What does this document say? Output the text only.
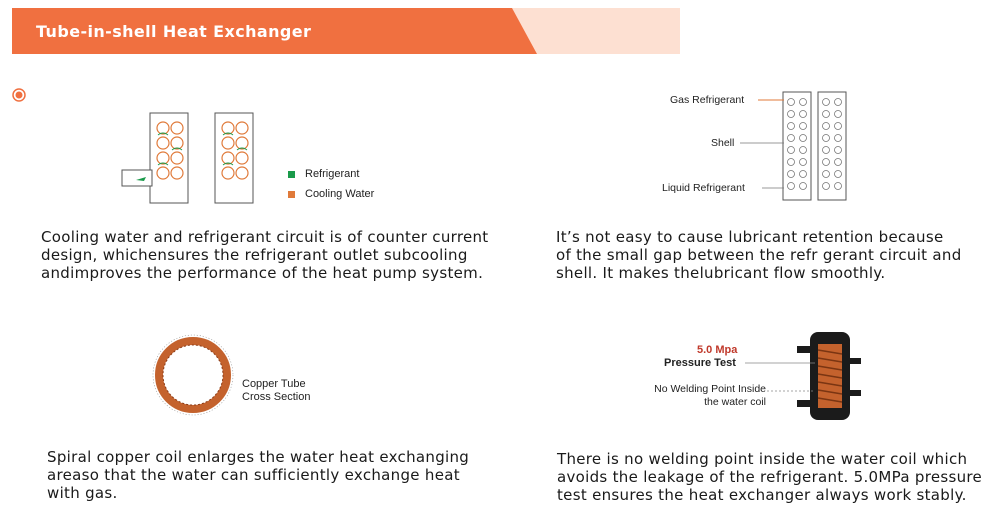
Tube-in-shell Heat Exchanger
Refrigerant
Cooling Water
Cooling water and refrigerant circuit is of counter current
design, whichensures the refrigerant outlet subcooling
andimproves the performance of the heat pump system.
Gas Refrigerant
Shell
Liquid Refrigerant
It’s not easy to cause lubricant retention because
of the small gap between the refr gerant circuit and
shell. It makes thelubricant flow smoothly.
Copper Tube
Cross Section
Spiral copper coil enlarges the water heat exchanging
areaso that the water can sufficiently exchange heat
with gas.
5.0 Mpa
Pressure Test
No Welding Point Inside
the water coil
There is no welding point inside the water coil which
avoids the leakage of the refrigerant. 5.0MPa pressure
test ensures the heat exchanger always work stably.
